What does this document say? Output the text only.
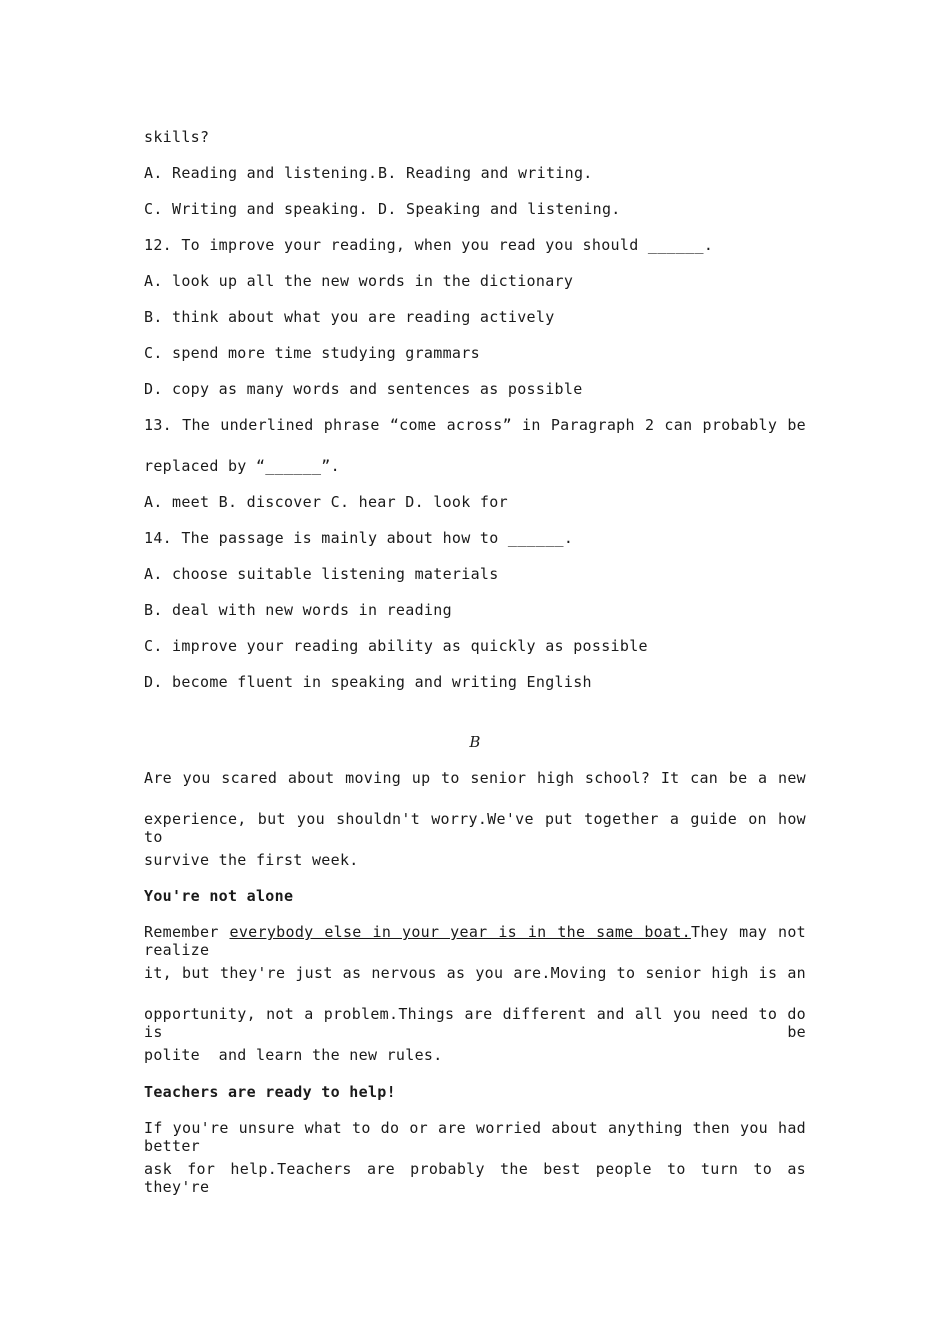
skills?
A. Reading and listening. B. Reading and writing.
C. Writing and speaking. D. Speaking and listening.
12. To improve your reading, when you read you should ______.
A. look up all the new words in the dictionary
B. think about what you are reading actively
C. spend more time studying grammars
D. copy as many words and sentences as possible
13. The underlined phrase “come across” in Paragraph 2 can probably be
replaced by “______”.
A. meet B. discover C. hear D. look for
14. The passage is mainly about how to ______.
A. choose suitable listening materials
B. deal with new words in reading
C. improve your reading ability as quickly as possible
D. become fluent in speaking and writing English
B
Are you scared about moving up to senior high school? It can be a new
experience, but you shouldn't worry.We've put together a guide on how to
survive the first week.
You're not alone
Remember everybody else in your year is in the same boat.They may not realize
it, but they're just as nervous as you are.Moving to senior high is an
opportunity, not a problem.Things are different and all you need to do is be
polite  and learn the new rules.
Teachers are ready to help!
If you're unsure what to do or are worried about anything then you had better
ask for help.Teachers are probably the best people to turn to as they're
